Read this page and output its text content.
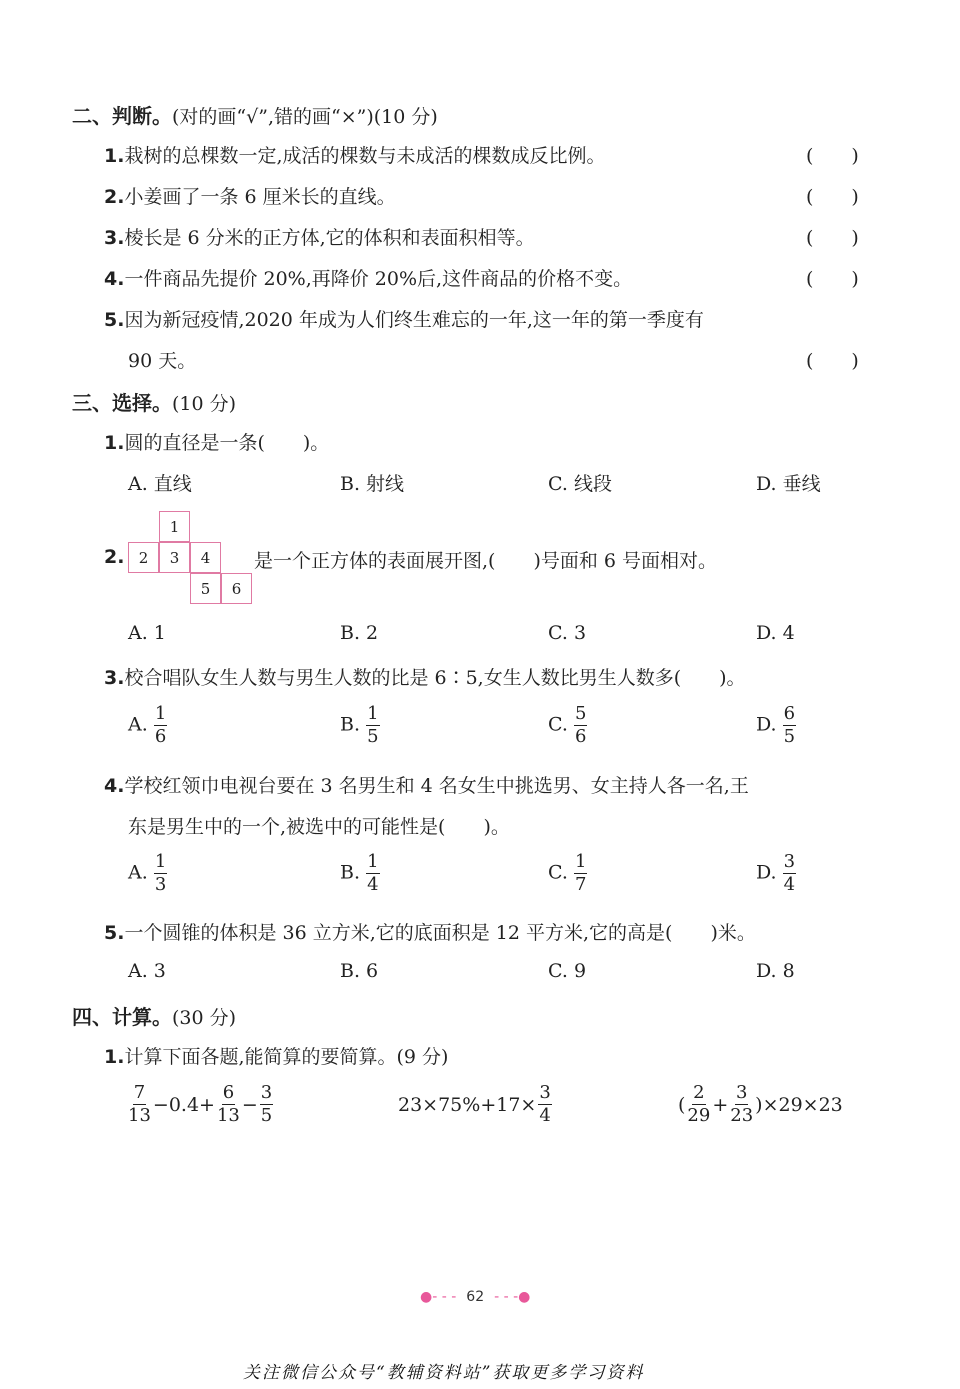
二、判断。(对的画“√”,错的画“×”)(10 分)
1.栽树的总棵数一定,成活的棵数与未成活的棵数成反比例。	(　　)
2.小姜画了一条 6 厘米长的直线。	(　　)
3.棱长是 6 分米的正方体,它的体积和表面积相等。	(　　)
4.一件商品先提价 20%,再降价 20%后,这件商品的价格不变。	(　　)
5.因为新冠疫情,2020 年成为人们终生难忘的一年,这一年的第一季度有
90 天。	(　　)
三、选择。(10 分)
1.圆的直径是一条(　　)。
A. 直线	B. 射线	C. 线段	D. 垂线
2.
1
2	3	4
5	6
是一个正方体的表面展开图,(　　)号面和 6 号面相对。
A. 1	B. 2	C. 3	D. 4
3.校合唱队女生人数与男生人数的比是 6∶5,女生人数比男生人数多(　　)。
A. $\frac{1}{6}$	B. $\frac{1}{5}$	C. $\frac{5}{6}$	D. $\frac{6}{5}$
4.学校红领巾电视台要在 3 名男生和 4 名女生中挑选男、女主持人各一名,王
东是男生中的一个,被选中的可能性是(　　)。
A. $\frac{1}{3}$	B. $\frac{1}{4}$	C. $\frac{1}{7}$	D. $\frac{3}{4}$
5.一个圆锥的体积是 36 立方米,它的底面积是 12 平方米,它的高是(　　)米。
A. 3	B. 6	C. 9	D. 8
四、计算。(30 分)
1.计算下面各题,能简算的要简算。(9 分)
$\frac{7}{13} -0.4+ \frac{6}{13} - \frac{3}{5}$	$23\times 75\%+17\times \frac{3}{4}$	( $\frac{2}{29} + \frac{3}{23} )\times 29\times 23$
●- - - 62 - - -●
关注微信公众号“教辅资料站”获取更多学习资料
